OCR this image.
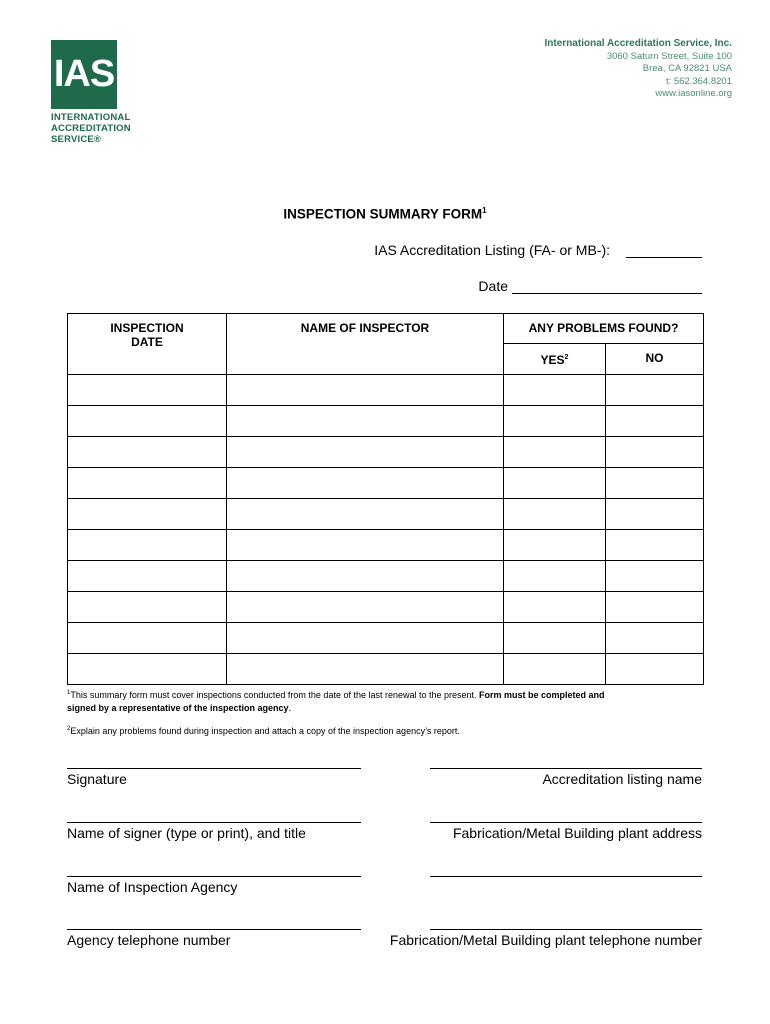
IAS
INTERNATIONAL
ACCREDITATION
SERVICE®
International Accreditation Service, Inc.
3060 Saturn Street, Suite 100
Brea, CA 92821 USA
t: 562.364.8201
www.iasonline.org
INSPECTION SUMMARY FORM$^1$
IAS Accreditation Listing (FA- or MB-):
Date
INSPECTION
DATE	NAME OF INSPECTOR	ANY PROBLEMS FOUND?	
		YES$^2$	NO

$^1$This summary form must cover inspections conducted from the date of the last renewal to the present. Form must be completed and
signed by a representative of the inspection agency.
$^2$Explain any problems found during inspection and attach a copy of the inspection agency’s report.
Signature	Accreditation listing name
Name of signer (type or print), and title	Fabrication/Metal Building plant address
Name of Inspection Agency
Agency telephone number	Fabrication/Metal Building plant telephone number
